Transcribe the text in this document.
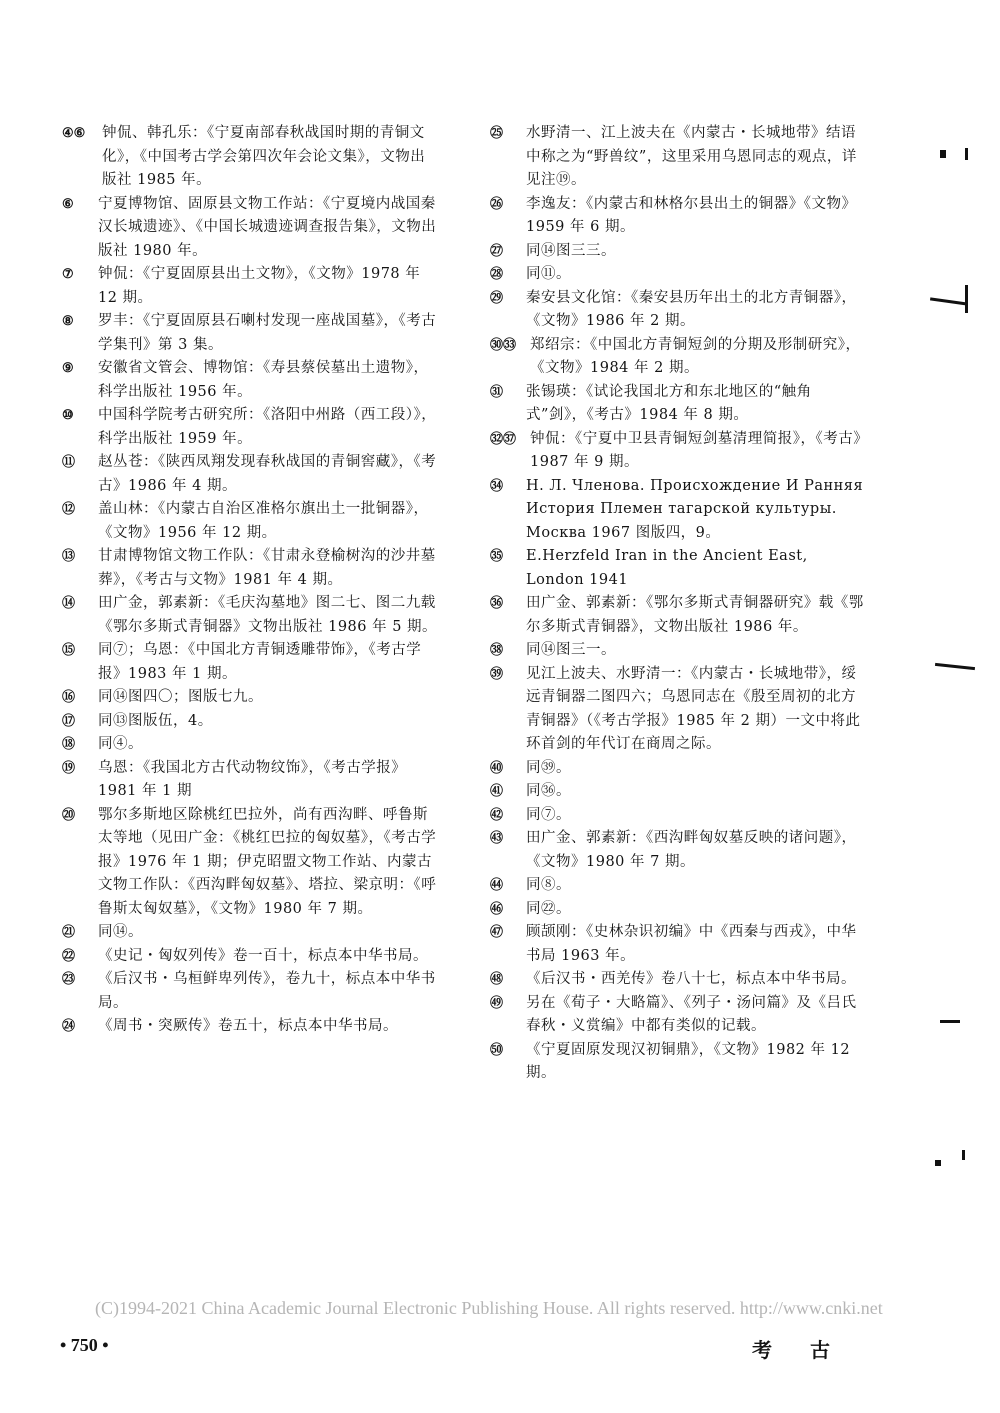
④⑥	钟侃、韩孔乐：《宁夏南部春秋战国时期的青铜文化》，《中国考古学会第四次年会论文集》，文物出版社 1985 年。
⑥	宁夏博物馆、固原县文物工作站：《宁夏境内战国秦汉长城遗迹》、《中国长城遗迹调查报告集》，文物出版社 1980 年。
⑦	钟侃：《宁夏固原县出土文物》，《文物》1978 年 12 期。
⑧	罗丰：《宁夏固原县石喇村发现一座战国墓》，《考古学集刊》第 3 集。
⑨	安徽省文管会、博物馆：《寿县蔡侯墓出土遗物》，科学出版社 1956 年。
⑩	中国科学院考古研究所：《洛阳中州路（西工段）》，科学出版社 1959 年。
⑪	赵丛苍：《陕西凤翔发现春秋战国的青铜窖藏》，《考古》1986 年 4 期。
⑫	盖山林：《内蒙古自治区准格尔旗出土一批铜器》，《文物》1956 年 12 期。
⑬	甘肃博物馆文物工作队：《甘肃永登榆树沟的沙井墓葬》，《考古与文物》1981 年 4 期。
⑭	田广金，郭素新：《毛庆沟墓地》图二七、图二九载《鄂尔多斯式青铜器》文物出版社 1986 年 5 期。
⑮	同⑦；乌恩：《中国北方青铜透雕带饰》，《考古学报》1983 年 1 期。
⑯	同⑭图四〇；图版七九。
⑰	同⑬图版伍，4。
⑱	同④。
⑲	乌恩：《我国北方古代动物纹饰》，《考古学报》1981 年 1 期
⑳	鄂尔多斯地区除桃红巴拉外，尚有西沟畔、呼鲁斯太等地（见田广金：《桃红巴拉的匈奴墓》，《考古学报》1976 年 1 期；伊克昭盟文物工作站、内蒙古文物工作队：《西沟畔匈奴墓》、塔拉、梁京明：《呼鲁斯太匈奴墓》，《文物》1980 年 7 期。
㉑	同⑭。
㉒	《史记・匈奴列传》卷一百十，标点本中华书局。
㉓	《后汉书・乌桓鲜卑列传》，卷九十，标点本中华书局。
㉔	《周书・突厥传》卷五十，标点本中华书局。
㉕	水野清一、江上波夫在《内蒙古・长城地带》结语中称之为“野兽纹”，这里采用乌恩同志的观点，详见注⑲。
㉖	李逸友：《内蒙古和林格尔县出土的铜器》《文物》1959 年 6 期。
㉗	同⑭图三三。
㉘	同⑪。
㉙	秦安县文化馆：《秦安县历年出土的北方青铜器》，《文物》1986 年 2 期。
㉚㉝ 郑绍宗：《中国北方青铜短剑的分期及形制研究》，《文物》1984 年 2 期。
㉛	张锡瑛：《试论我国北方和东北地区的“触角式”剑》，《考古》1984 年 8 期。
㉜㊲ 钟侃：《宁夏中卫县青铜短剑墓清理简报》，《考古》1987 年 9 期。
㉞	Н. Л. Членова. Происхождение И Ранняя История Племен тагарской культуры. Москва 1967 图版四，9。
㉟	E.Herzfeld Iran in the Ancient East, London 1941
㊱	田广金、郭素新：《鄂尔多斯式青铜器研究》载《鄂尔多斯式青铜器》，文物出版社 1986 年。
㊳	同⑭图三一。
㊴	见江上波夫、水野清一：《内蒙古・长城地带》，绥远青铜器二图四六；乌恩同志在《殷至周初的北方青铜器》（《考古学报》1985 年 2 期）一文中将此环首剑的年代订在商周之际。
㊵	同㊴。
㊶	同㊱。
㊷	同⑦。
㊸	田广金、郭素新：《西沟畔匈奴墓反映的诸问题》，《文物》1980 年 7 期。
㊹	同⑧。
㊻	同㉒。
㊼	顾颉刚：《史林杂识初编》中《西秦与西戎》，中华书局 1963 年。
㊽	《后汉书・西羌传》卷八十七，标点本中华书局。
㊾	另在《荀子・大略篇》、《列子・汤问篇》及《吕氏春秋・义赏编》中都有类似的记载。
㊿	《宁夏固原发现汉初铜鼎》，《文物》1982 年 12 期。
(C)1994-2021 China Academic Journal Electronic Publishing House. All rights reserved. http://www.cnki.net
• 750 •	考古
